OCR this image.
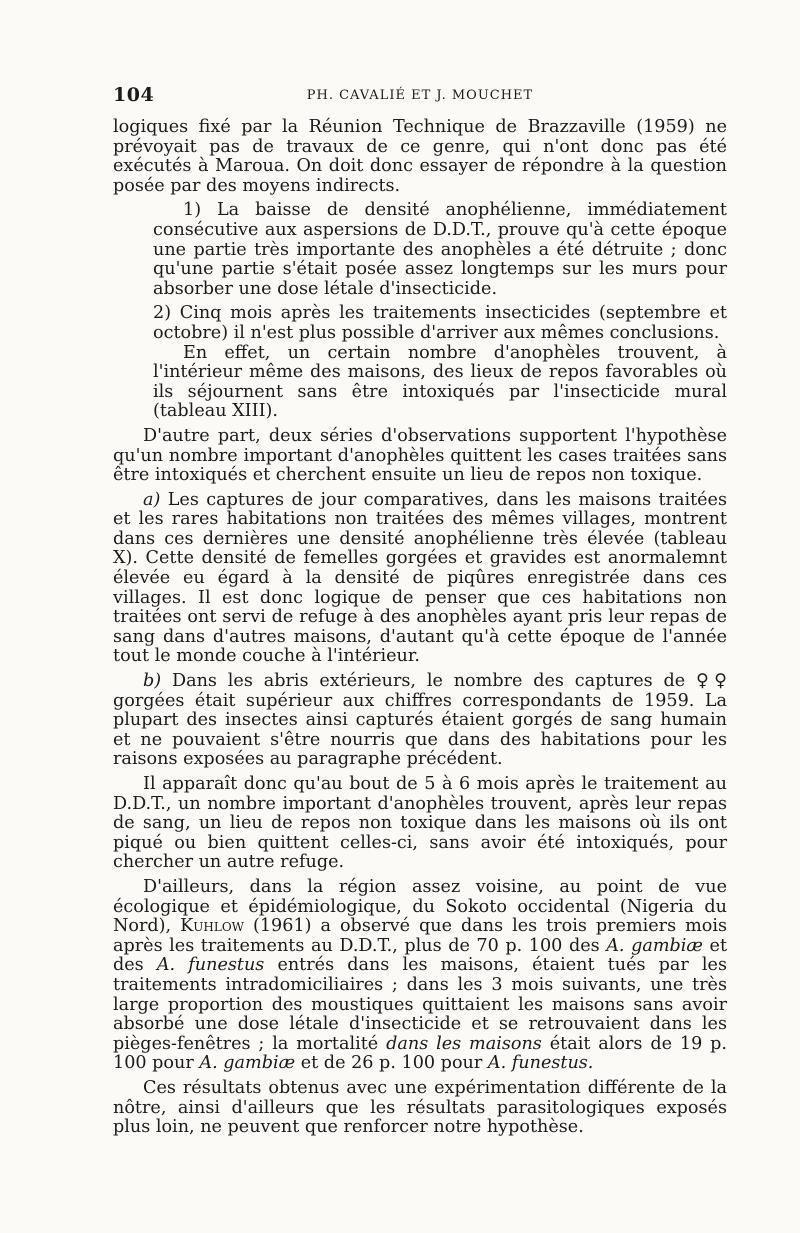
104	PH. CAVALIÉ ET J. MOUCHET

logiques fixé par la Réunion Technique de Brazzaville (1959) ne prévoyait pas de travaux de ce genre, qui n'ont donc pas été exécutés à Maroua. On doit donc essayer de répondre à la question posée par des moyens indirects.

1) La baisse de densité anophélienne, immédiatement consécutive aux aspersions de D.D.T., prouve qu'à cette époque une partie très importante des anophèles a été détruite ; donc qu'une partie s'était posée assez longtemps sur les murs pour absorber une dose létale d'insecticide.

2) Cinq mois après les traitements insecticides (septembre et octobre) il n'est plus possible d'arriver aux mêmes conclusions.

En effet, un certain nombre d'anophèles trouvent, à l'intérieur même des maisons, des lieux de repos favorables où ils séjournent sans être intoxiqués par l'insecticide mural (tableau XIII).

D'autre part, deux séries d'observations supportent l'hypothèse qu'un nombre important d'anophèles quittent les cases traitées sans être intoxiqués et cherchent ensuite un lieu de repos non toxique.

a) Les captures de jour comparatives, dans les maisons traitées et les rares habitations non traitées des mêmes villages, montrent dans ces dernières une densité anophélienne très élevée (tableau X). Cette densité de femelles gorgées et gravides est anormalemnt élevée eu égard à la densité de piqûres enregistrée dans ces villages. Il est donc logique de penser que ces habitations non traitées ont servi de refuge à des anophèles ayant pris leur repas de sang dans d'autres maisons, d'autant qu'à cette époque de l'année tout le monde couche à l'intérieur.

b) Dans les abris extérieurs, le nombre des captures de ♀♀ gorgées était supérieur aux chiffres correspondants de 1959. La plupart des insectes ainsi capturés étaient gorgés de sang humain et ne pouvaient s'être nourris que dans des habitations pour les raisons exposées au paragraphe précédent.

Il apparaît donc qu'au bout de 5 à 6 mois après le traitement au D.D.T., un nombre important d'anophèles trouvent, après leur repas de sang, un lieu de repos non toxique dans les maisons où ils ont piqué ou bien quittent celles-ci, sans avoir été intoxiqués, pour chercher un autre refuge.

D'ailleurs, dans la région assez voisine, au point de vue écologique et épidémiologique, du Sokoto occidental (Nigeria du Nord), Kuhlow (1961) a observé que dans les trois premiers mois après les traitements au D.D.T., plus de 70 p. 100 des A. gambiæ et des A. funestus entrés dans les maisons, étaient tués par les traitements intradomiciliaires ; dans les 3 mois suivants, une très large proportion des moustiques quittaient les maisons sans avoir absorbé une dose létale d'insecticide et se retrouvaient dans les pièges-fenêtres ; la mortalité dans les maisons était alors de 19 p. 100 pour A. gambiæ et de 26 p. 100 pour A. funestus.

Ces résultats obtenus avec une expérimentation différente de la nôtre, ainsi d'ailleurs que les résultats parasitologiques exposés plus loin, ne peuvent que renforcer notre hypothèse.
